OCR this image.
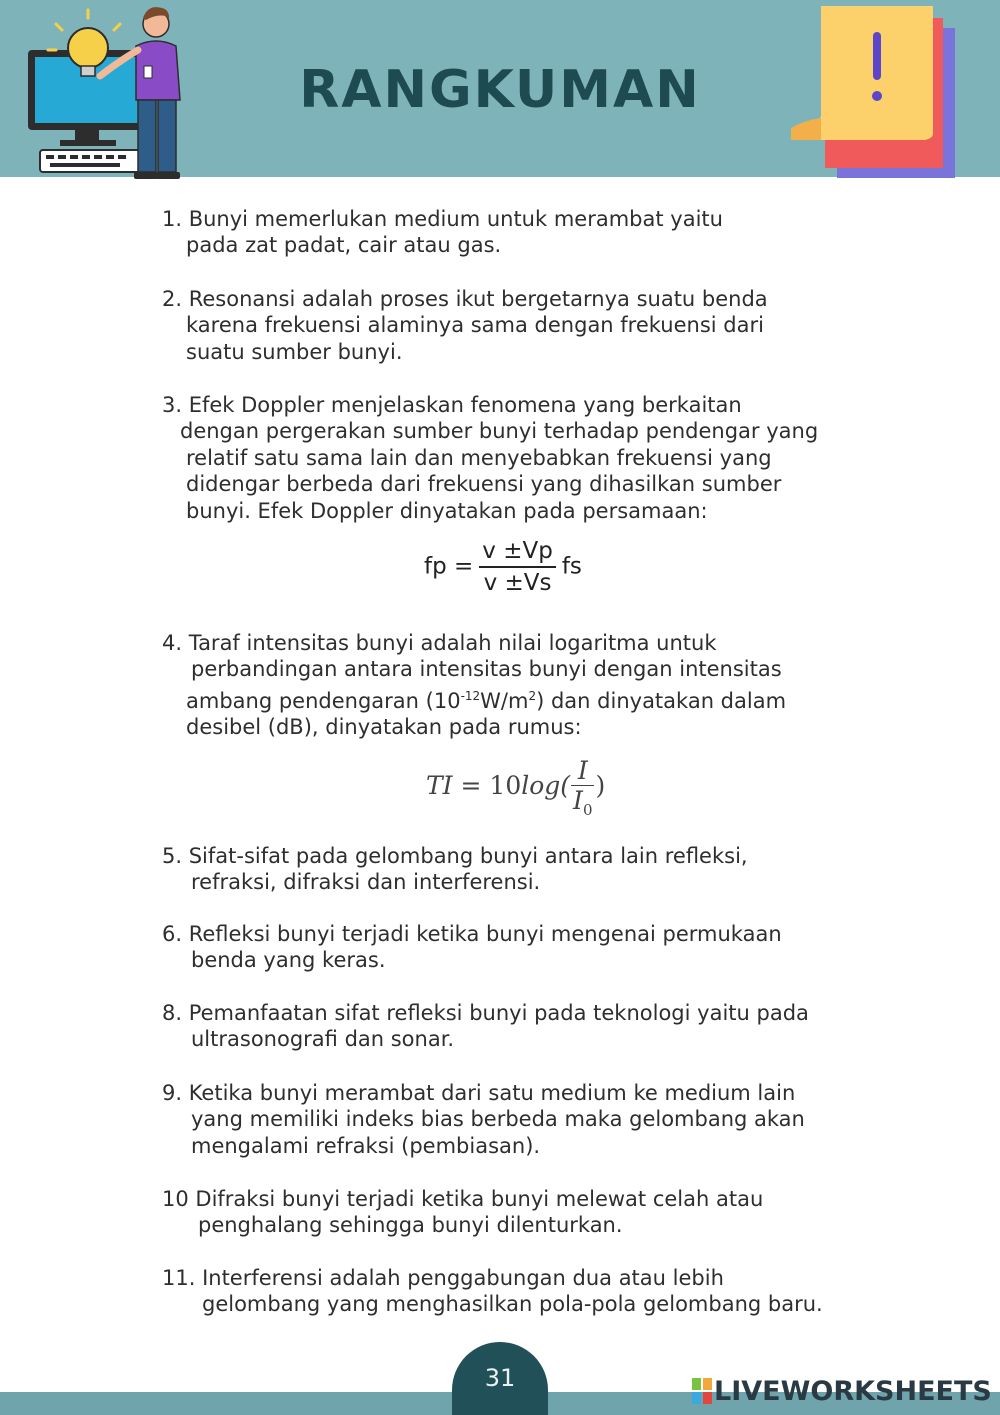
RANGKUMAN
1. Bunyi memerlukan medium untuk merambat yaitu
pada zat padat, cair atau gas.
2. Resonansi adalah proses ikut bergetarnya suatu benda
karena frekuensi alaminya sama dengan frekuensi dari
suatu sumber bunyi.
3. Efek Doppler menjelaskan fenomena yang berkaitan
dengan pergerakan sumber bunyi terhadap pendengar yang
relatif satu sama lain dan menyebabkan frekuensi yang
didengar berbeda dari frekuensi yang dihasilkan sumber
bunyi. Efek Doppler dinyatakan pada persamaan:
fp = $\frac{v \pm Vp}{v \pm Vs}$ fs
4. Taraf intensitas bunyi adalah nilai logaritma untuk
perbandingan antara intensitas bunyi dengan intensitas
ambang pendengaran $(10^{-12}W/m^2)$ dan dinyatakan dalam
desibel (dB), dinyatakan pada rumus:
TI = $10\log( \frac{I}{I_0}$ )
5. Sifat-sifat pada gelombang bunyi antara lain refleksi,
refraksi, difraksi dan interferensi.
6. Refleksi bunyi terjadi ketika bunyi mengenai permukaan
benda yang keras.
8. Pemanfaatan sifat refleksi bunyi pada teknologi yaitu pada
ultrasonografi dan sonar.
9. Ketika bunyi merambat dari satu medium ke medium lain
yang memiliki indeks bias berbeda maka gelombang akan
mengalami refraksi (pembiasan).
10 Difraksi bunyi terjadi ketika bunyi melewat celah atau
penghalang sehingga bunyi dilenturkan.
11. Interferensi adalah penggabungan dua atau lebih
gelombang yang menghasilkan pola-pola gelombang baru.
31	LIVEWORKSHEETS
